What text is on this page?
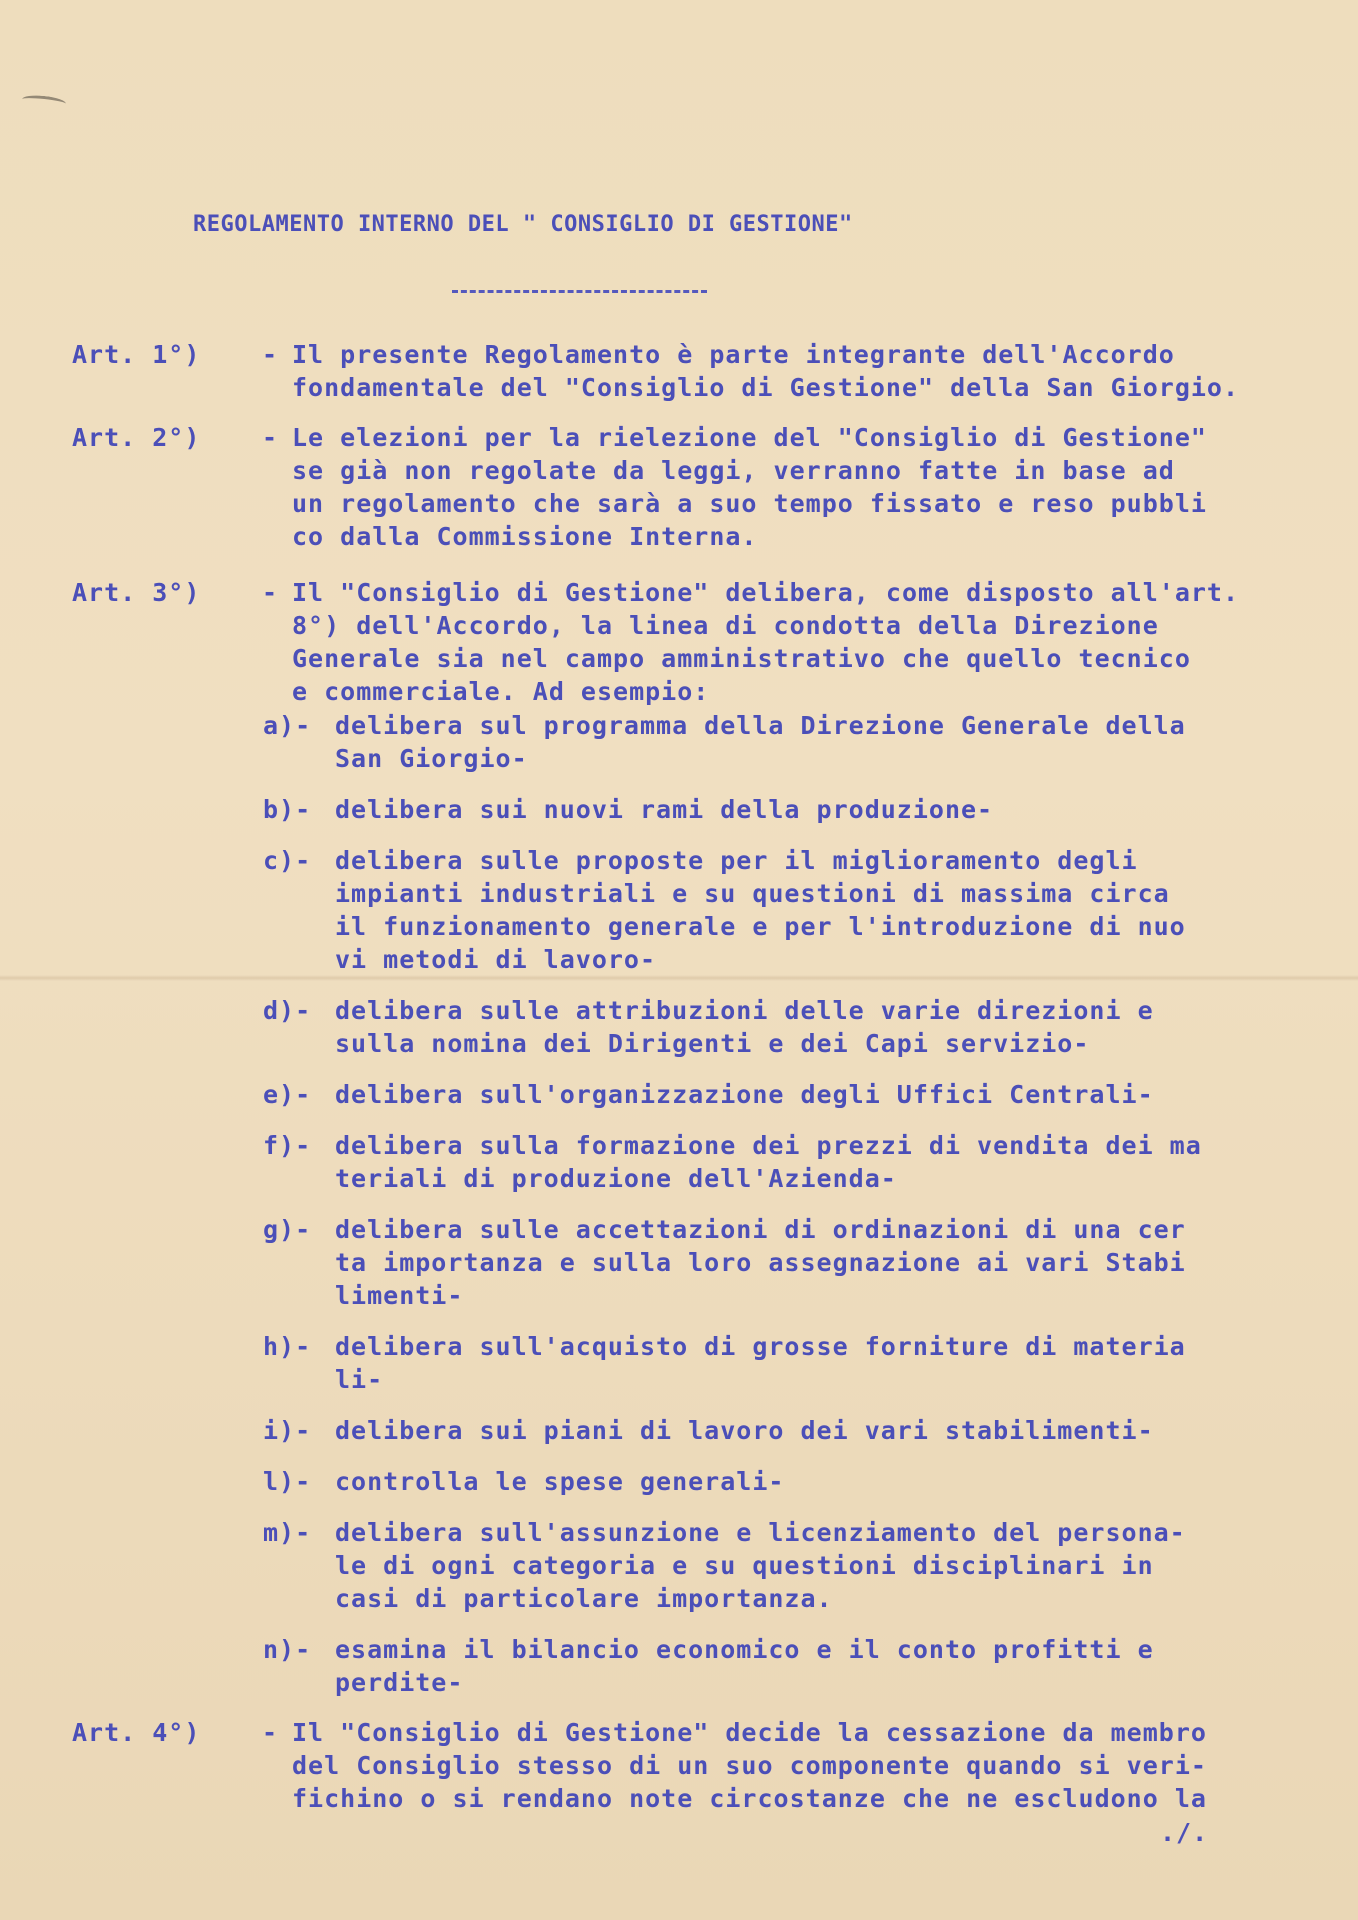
REGOLAMENTO INTERNO DEL " CONSIGLIO DI GESTIONE"
Art. 1°)	- Il presente Regolamento è parte integrante dell'Accordo
fondamentale del "Consiglio di Gestione" della San Giorgio.
Art. 2°)	- Le elezioni per la rielezione del "Consiglio di Gestione"
se già non regolate da leggi, verranno fatte in base ad
un regolamento che sarà a suo tempo fissato e reso pubbli
co dalla Commissione Interna.
Art. 3°)	- Il "Consiglio di Gestione" delibera, come disposto all'art.
8°) dell'Accordo, la linea di condotta della Direzione
Generale sia nel campo amministrativo che quello tecnico
e commerciale. Ad esempio:
a)- delibera sul programma della Direzione Generale della
San Giorgio-
b)- delibera sui nuovi rami della produzione-
c)- delibera sulle proposte per il miglioramento degli
impianti industriali e su questioni di massima circa
il funzionamento generale e per l'introduzione di nuo
vi metodi di lavoro-
d)- delibera sulle attribuzioni delle varie direzioni e
sulla nomina dei Dirigenti e dei Capi servizio-
e)- delibera sull'organizzazione degli Uffici Centrali-
f)- delibera sulla formazione dei prezzi di vendita dei ma
teriali di produzione dell'Azienda-
g)- delibera sulle accettazioni di ordinazioni di una cer
ta importanza e sulla loro assegnazione ai vari Stabi
limenti-
h)- delibera sull'acquisto di grosse forniture di materia
li-
i)- delibera sui piani di lavoro dei vari stabilimenti-
l)- controlla le spese generali-
m)- delibera sull'assunzione e licenziamento del persona-
le di ogni categoria e su questioni disciplinari in
casi di particolare importanza.
n)- esamina il bilancio economico e il conto profitti e
perdite-
Art. 4°)	- Il "Consiglio di Gestione" decide la cessazione da membro
del Consiglio stesso di un suo componente quando si veri-
fichino o si rendano note circostanze che ne escludono la
./.
